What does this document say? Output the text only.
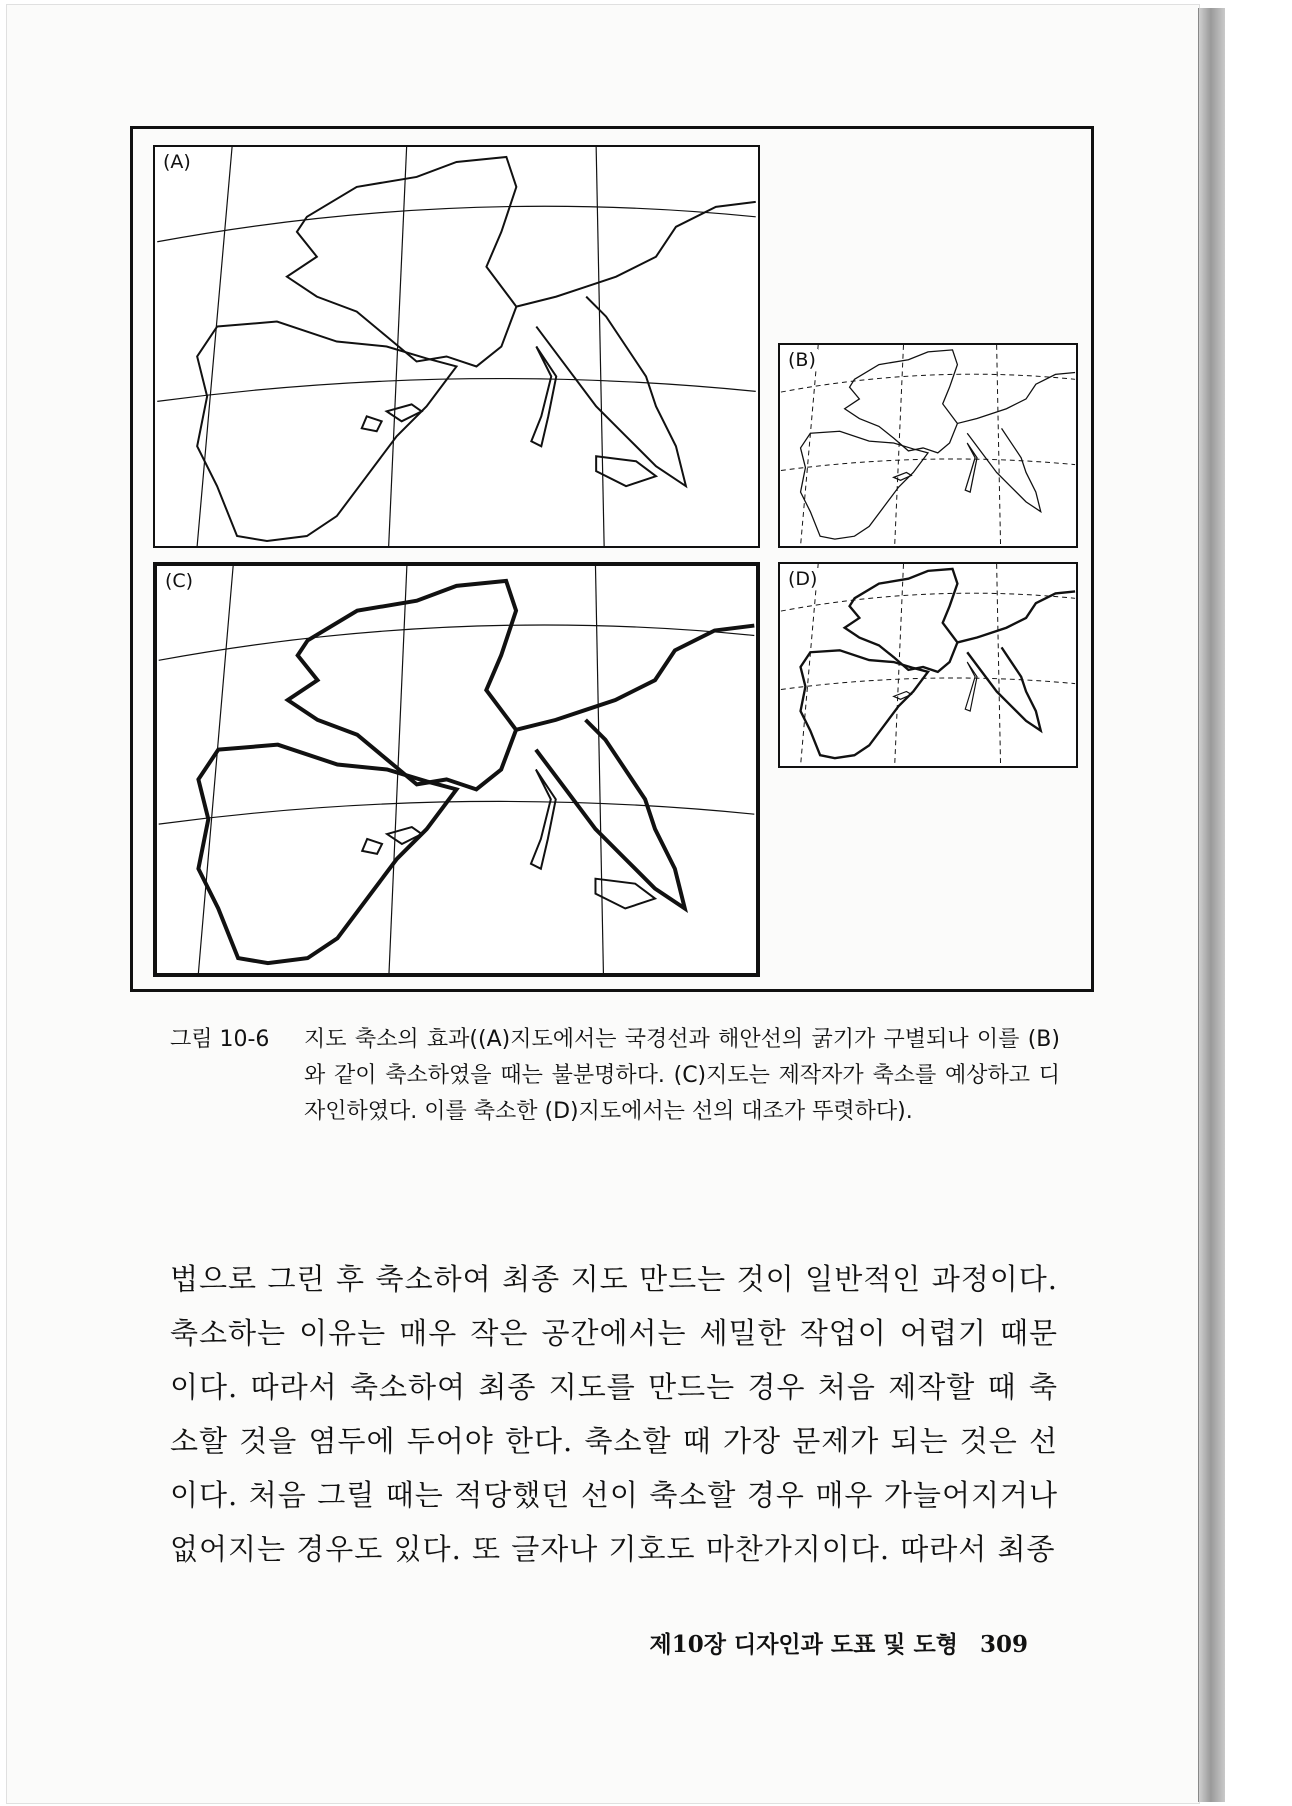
(A)
(B)
(C)	(D)
그림 10-6	지도 축소의 효과((A)지도에서는 국경선과 해안선의 굵기가 구별되나 이를 (B)와 같이 축소하였을 때는 불분명하다. (C)지도는 제작자가 축소를 예상하고 디자인하였다. 이를 축소한 (D)지도에서는 선의 대조가 뚜렷하다).

법으로 그린 후 축소하여 최종 지도 만드는 것이 일반적인 과정이다. 축소하는 이유는 매우 작은 공간에서는 세밀한 작업이 어렵기 때문이다. 따라서 축소하여 최종 지도를 만드는 경우 처음 제작할 때 축소할 것을 염두에 두어야 한다. 축소할 때 가장 문제가 되는 것은 선이다. 처음 그릴 때는 적당했던 선이 축소할 경우 매우 가늘어지거나 없어지는 경우도 있다. 또 글자나 기호도 마찬가지이다. 따라서 최종

제10장 디자인과 도표 및 도형 309
